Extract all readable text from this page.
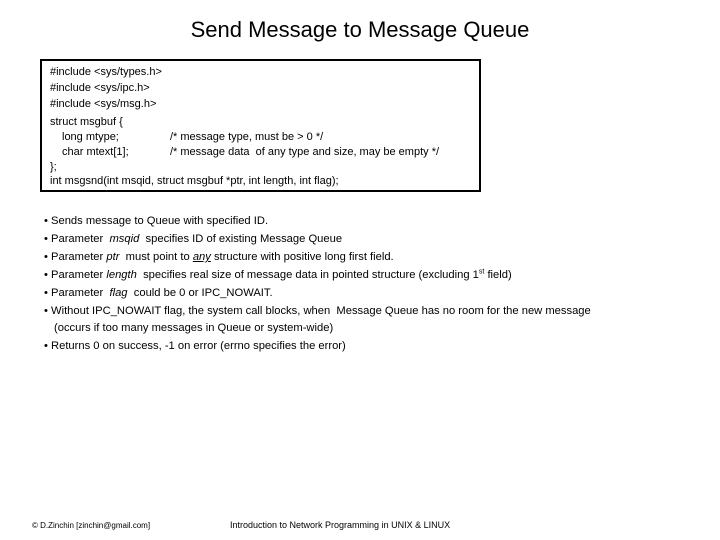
Send Message to Message Queue
#include <sys/types.h>
#include <sys/ipc.h>
#include <sys/msg.h>
struct msgbuf {
long mtype;	/* message type, must be > 0 */
char mtext[1];	/* message data  of any type and size, may be empty */
};
int msgsnd(int msqid, struct msgbuf *ptr, int length, int flag);
• Sends message to Queue with specified ID.
• Parameter  msqid  specifies ID of existing Message Queue
• Parameter ptr  must point to any structure with positive long first field.
• Parameter length  specifies real size of message data in pointed structure (excluding 1st field)
• Parameter  flag  could be 0 or IPC_NOWAIT.
• Without IPC_NOWAIT flag, the system call blocks, when  Message Queue has no room for the new message
(occurs if too many messages in Queue or system-wide)
• Returns 0 on success, -1 on error (errno specifies the error)
© D.Zinchin [zinchin@gmail.com]	Introduction to Network Programming in UNIX & LINUX
